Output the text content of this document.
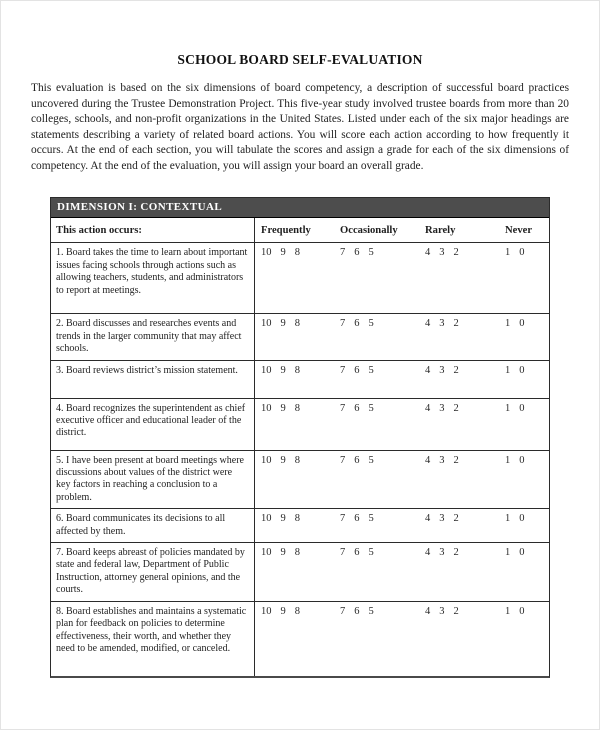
SCHOOL BOARD SELF-EVALUATION

This evaluation is based on the six dimensions of board competency, a description of successful board practices uncovered during the Trustee Demonstration Project. This five-year study involved trustee boards from more than 20 colleges, schools, and non-profit organizations in the United States. Listed under each of the six major headings are statements describing a variety of related board actions. You will score each action according to how frequently it occurs. At the end of each section, you will tabulate the scores and assign a grade for each of the six dimensions of competency. At the end of the evaluation, you will assign your board an overall grade.

DIMENSION I: CONTEXTUAL
This action occurs:	Frequently	Occasionally	Rarely	Never
1. Board takes the time to learn about important issues facing schools through actions such as allowing teachers, students, and administrators to report at meetings.
10 9 8	7 6 5	4 3 2	1 0
2. Board discusses and researches events and trends in the larger community that may affect schools.
10 9 8	7 6 5	4 3 2	1 0
3. Board reviews district’s mission statement.	10 9 8	7 6 5	4 3 2	1 0
4. Board recognizes the superintendent as chief executive officer and educational leader of the district.
10 9 8	7 6 5	4 3 2	1 0
5. I have been present at board meetings where discussions about values of the district were key factors in reaching a conclusion to a problem.
10 9 8	7 6 5	4 3 2	1 0
6. Board communicates its decisions to all affected by them.
10 9 8	7 6 5	4 3 2	1 0
7. Board keeps abreast of policies mandated by state and federal law, Department of Public Instruction, attorney general opinions, and the courts.
10 9 8	7 6 5	4 3 2	1 0
8. Board establishes and maintains a systematic plan for feedback on policies to determine effectiveness, their worth, and whether they need to be amended, modified, or canceled.
10 9 8	7 6 5	4 3 2	1 0
